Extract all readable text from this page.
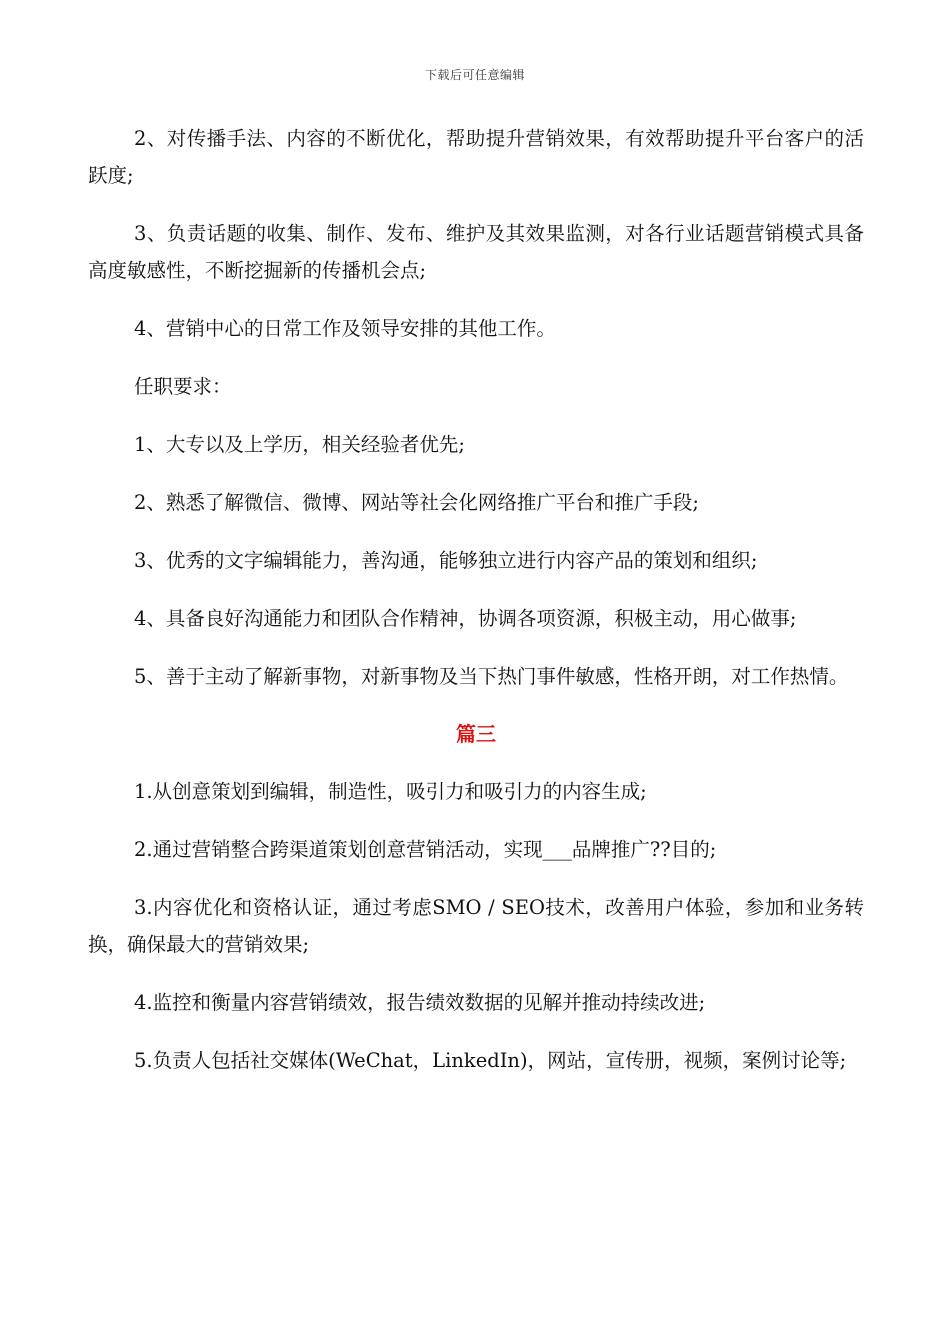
下载后可任意编辑

2、对传播手法、内容的不断优化，帮助提升营销效果，有效帮助提升平台客户的活跃度;

3、负责话题的收集、制作、发布、维护及其效果监测，对各行业话题营销模式具备高度敏感性，不断挖掘新的传播机会点;

4、营销中心的日常工作及领导安排的其他工作。

任职要求：

1、大专以及上学历，相关经验者优先;

2、熟悉了解微信、微博、网站等社会化网络推广平台和推广手段;

3、优秀的文字编辑能力，善沟通，能够独立进行内容产品的策划和组织;

4、具备良好沟通能力和团队合作精神，协调各项资源，积极主动，用心做事;

5、善于主动了解新事物，对新事物及当下热门事件敏感，性格开朗，对工作热情。

篇三

1.从创意策划到编辑，制造性，吸引力和吸引力的内容生成;

2.通过营销整合跨渠道策划创意营销活动，实现___品牌推广??目的;

3.内容优化和资格认证，通过考虑SMO / SEO技术，改善用户体验，参加和业务转换，确保最大的营销效果;

4.监控和衡量内容营销绩效，报告绩效数据的见解并推动持续改进;

5.负责人包括社交媒体(WeChat，LinkedIn)，网站，宣传册，视频，案例讨论等;
